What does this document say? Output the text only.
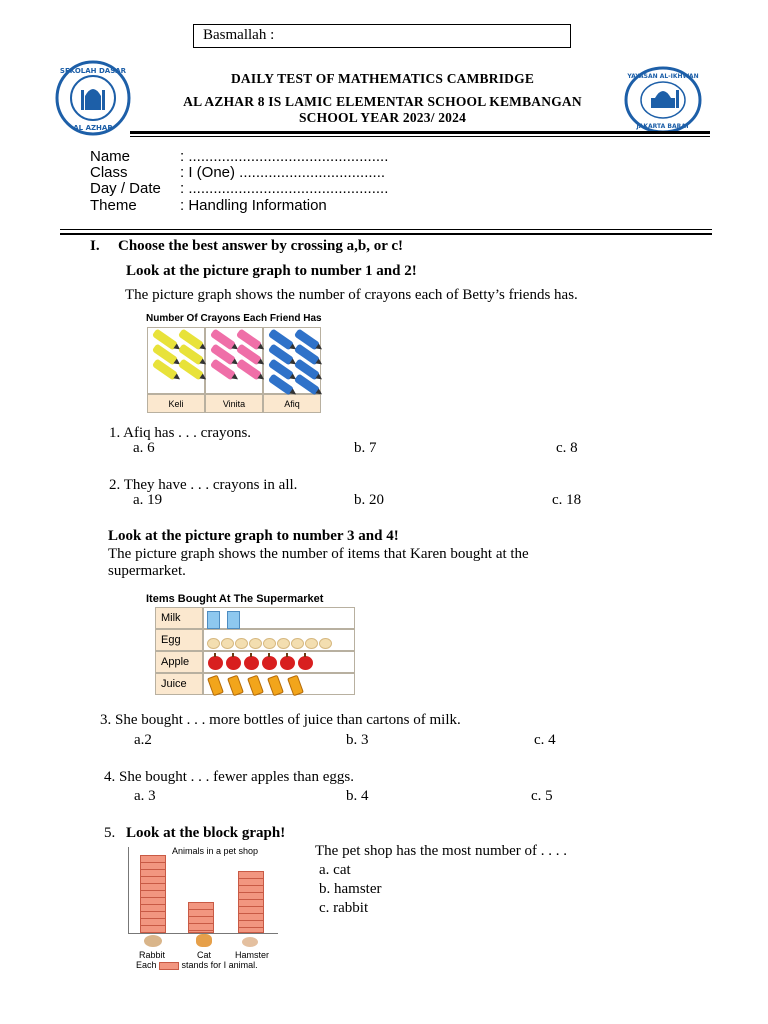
Basmallah :
SEKOLAH DASAR
AL AZHAR
YAYASAN AL-IKHWAN
JAKARTA BARAT
DAILY TEST OF MATHEMATICS CAMBRIDGE
AL AZHAR 8 IS LAMIC ELEMENTAR SCHOOL KEMBANGAN
SCHOOL YEAR 2023/ 2024
Name	: ................................................
Class	: I (One) ...................................
Day / Date	: ................................................
Theme	: Handling Information
I. Choose the best answer by crossing a,b, or c!
Look at the picture graph to number 1 and 2!
The picture graph shows the number of crayons each of Betty’s friends has.
Number Of Crayons Each Friend Has
Keli	Vinita	Afiq
1. Afiq has . . . crayons.
a. 6	b. 7	c. 8
2. They have . . . crayons in all.
a. 19	b. 20	c. 18
Look at the picture graph to number 3 and 4!
The picture graph shows the number of items that Karen bought at the
supermarket.
Items Bought At The Supermarket
Milk
Egg
Apple
Juice
3. She bought . . . more bottles of juice than cartons of milk.
a.2	b. 3	c. 4
4. She bought . . . fewer apples than eggs.
a. 3	b. 4	c. 5
5. Look at the block graph!
The pet shop has the most number of . . . .
a. cat
b. hamster
c. rabbit
Animals in a pet shop
Rabbit	Cat	Hamster
Each	stands for I animal.
